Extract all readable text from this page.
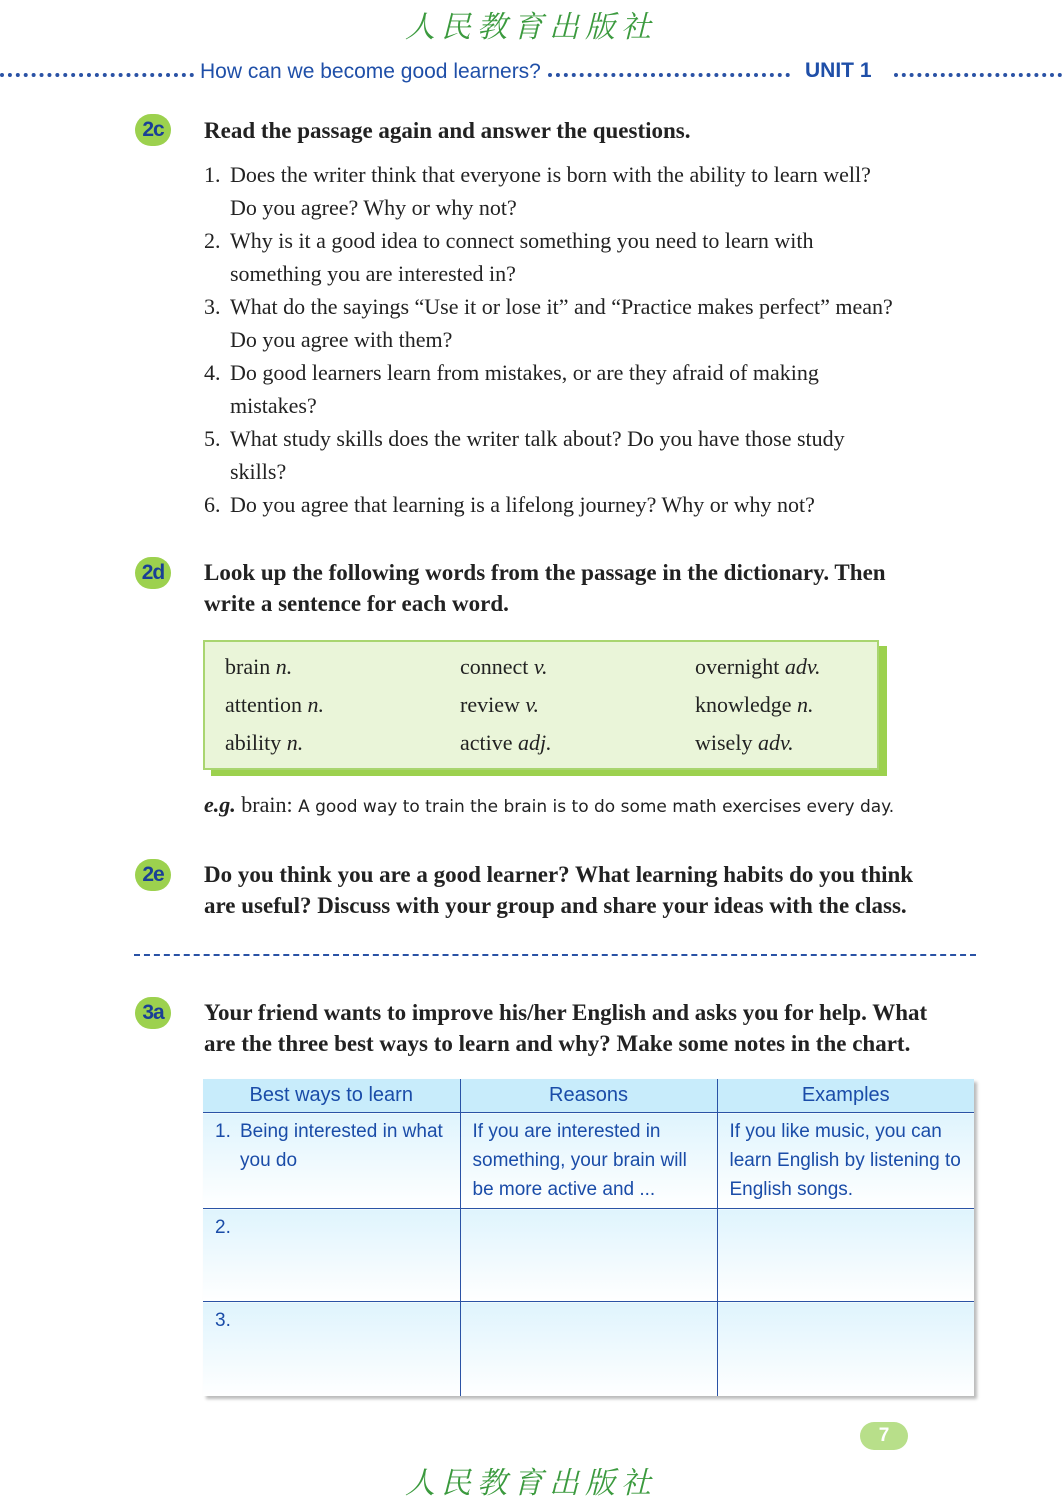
人民教育出版社
How can we become good learners?	UNIT 1
2c	Read the passage again and answer the questions.
1. Does the writer think that everyone is born with the ability to learn well?
Do you agree? Why or why not?
2. Why is it a good idea to connect something you need to learn with
something you are interested in?
3. What do the sayings “Use it or lose it” and “Practice makes perfect” mean?
Do you agree with them?
4. Do good learners learn from mistakes, or are they afraid of making
mistakes?
5. What study skills does the writer talk about? Do you have those study
skills?
6. Do you agree that learning is a lifelong journey? Why or why not?
2d Look up the following words from the passage in the dictionary. Then
write a sentence for each word.
brain n.	connect v.	overnight adv.
attention n.	review v.	knowledge n.
ability n.	active adj.	wisely adv.
e.g. brain: A good way to train the brain is to do some math exercises every day.
2e	Do you think you are a good learner? What learning habits do you think
are useful? Discuss with your group and share your ideas with the class.
3a	Your friend wants to improve his/her English and asks you for help. What
are the three best ways to learn and why? Make some notes in the chart.
Best ways to learn	Reasons	Examples

1. Being interested in what you do	If you are interested in something, your brain will be more active and ...	If you like music, you can learn English by listening to English songs.

2.		

3.		

7
人民教育出版社
